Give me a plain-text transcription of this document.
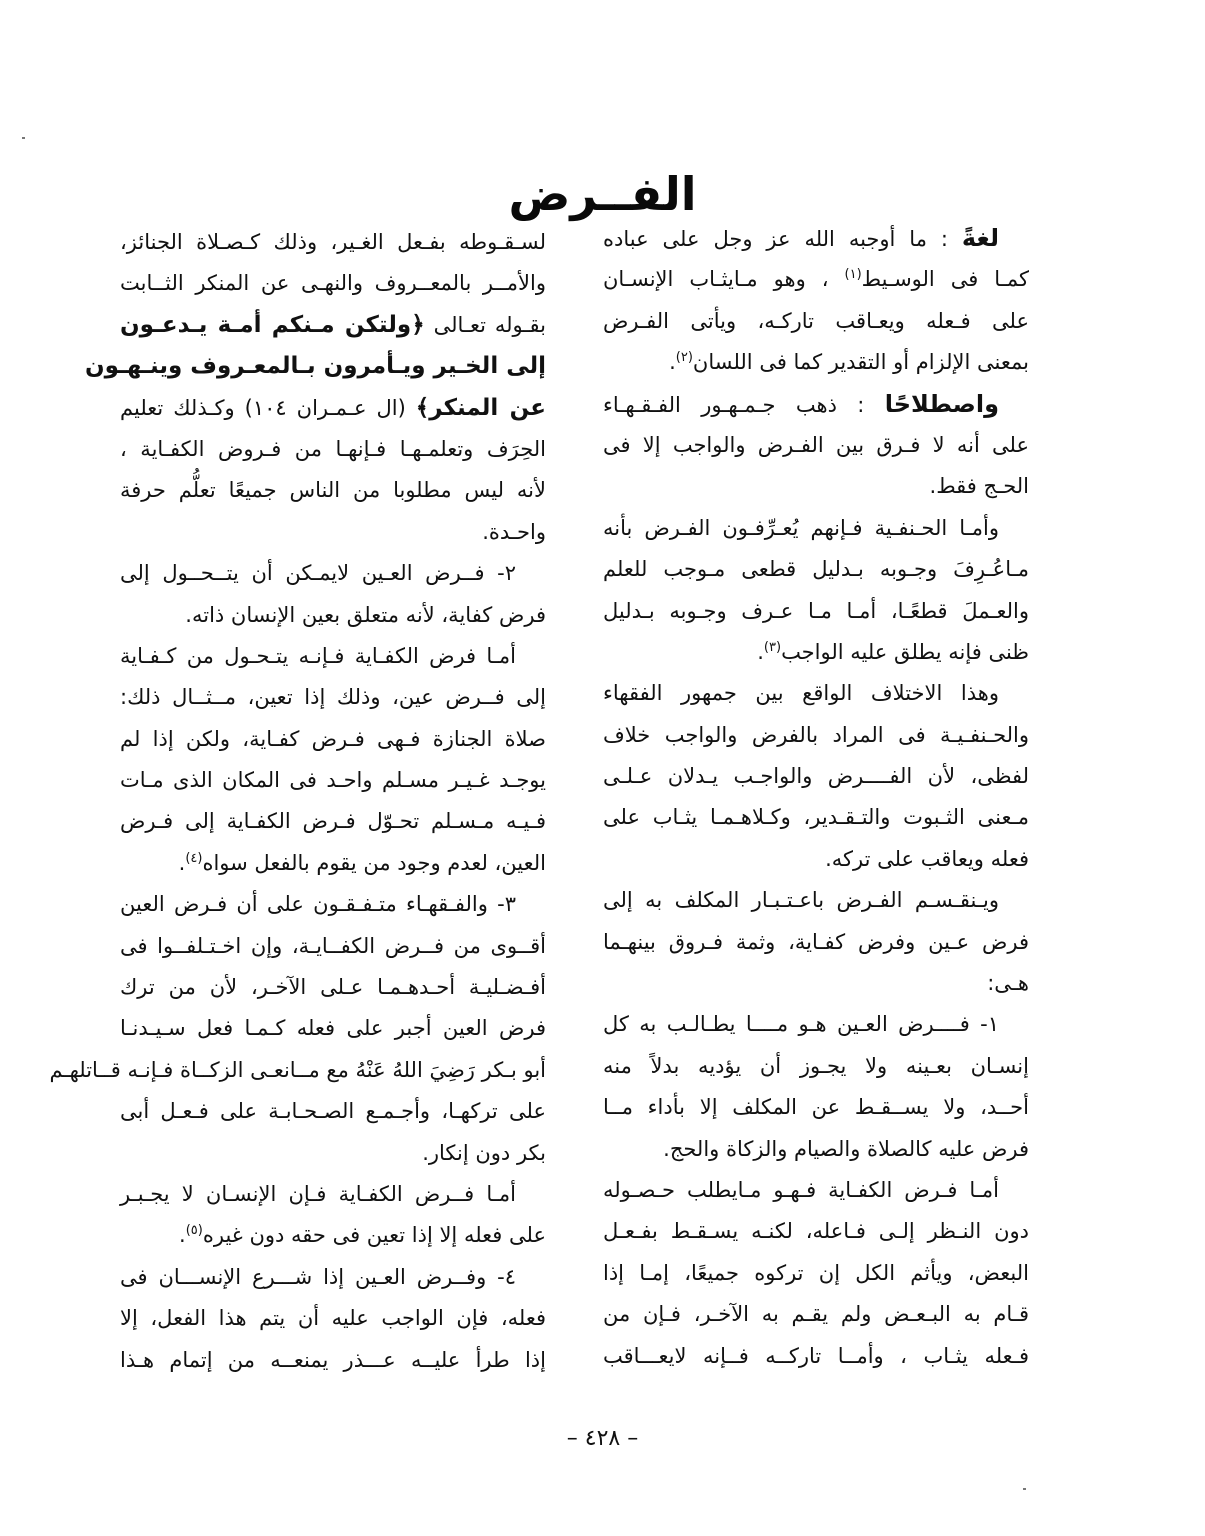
الفــرض
لغةً : ما أوجبه الله عز وجل على عباده
كمـا فى الوسـيط$^{(١)}$ ، وهو مـايثـاب الإنسـان
على فـعله ويعـاقب تاركـه، ويأتى الفـرض
بمعنى الإلزام أو التقدير كما فى اللسان$^{(٢)}$.
واصطلاحًا : ذهب جـمـهـور الفـقـهـاء
على أنه لا فـرق بين الفـرض والواجب إلا فى
الحـج فقط.
وأمـا الحـنفـية فـإنهم يُعـرِّفـون الفـرض بأنه
مـاعُـرِفَ وجـوبه بـدليل قطعى مـوجب للعلم
والعـملَ قطعًـا، أمـا مـا عـرف وجـوبه بـدليل
ظنى فإنه يطلق عليه الواجب$^{(٣)}$.
وهذا الاختلاف الواقع بين جمهور الفقهاء
والحـنفـيـة فى المراد بالفرض والواجب خلاف
لفظى، لأن الفــــرض والواجـب يـدلان عـلـى
مـعنى الثـبوت والتـقـدير، وكـلاهـمـا يثـاب على
فعله ويعاقب على تركه.
ويـنقـسـم الفـرض باعـتـبـار المكلف به إلى
فرض عـين وفرض كفـاية، وثمة فـروق بينهـما
هـى:
١- فــــرض العـين هـو مــــا يطـالـب به كل
إنسـان بعـينه ولا يجـوز أن يؤديه بدلاً منه
أحــد، ولا يســقـط عن المكلف إلا بأداء مــا
فرض عليه كالصلاة والصيام والزكاة والحج.
أمـا فـرض الكفـاية فـهـو مـايطلب حـصـوله
دون النـظر إلـى فـاعله، لكنـه يسـقـط بفـعـل
البعض، ويأثم الكل إن تركوه جميعًا، إمـا إذا
قـام به البـعـض ولم يقـم به الآخـر، فـإن من
فـعله يثـاب ، وأمــا تاركــه فــإنه لايعـــاقب
لسـقـوطه بفـعل الغـير، وذلك كـصـلاة الجنائز،
والأمــر بالمعــروف والنهـى عن المنكر الثــابت
بقـوله تعـالى ﴿ولتكن مـنكم أمـة يـدعـون
إلى الخـير ويـأمرون بـالمعـروف وينـهـون
عن المنكر﴾ (ال عـمـران ١٠٤) وكـذلك تعليم
الحِرَف وتعلمـهـا فـإنهـا من فـروض الكفـاية ،
لأنه ليس مطلوبا من الناس جميعًا تعلُّم حرفة
واحـدة.
٢- فــرض العـين لايمـكن أن يتــحــول إلى
فرض كفاية، لأنه متعلق بعين الإنسان ذاته.
أمـا فرض الكفـاية فـإنـه يتـحـول من كـفـاية
إلى فــرض عين، وذلك إذا تعين، مــثــال ذلك:
صلاة الجنازة فـهى فـرض كفـاية، ولكن إذا لم
يوجـد غـيـر مسـلم واحـد فى المكان الذى مـات
فـيـه مـسـلم تحـوّل فـرض الكفـاية إلى فـرض
العين، لعدم وجود من يقوم بالفعل سواه$^{(٤)}$.
٣- والفـقهـاء متـفـقـون على أن فـرض العين
أقــوى من فــرض الكفــايـة، وإن اخـتـلفــوا فى
أفـضـليـة أحـدهـمـا عـلى الآخـر، لأن من ترك
فرض العين أجبر على فعله كـمـا فعل سـيـدنـا
أبو بـكر رَضِيَ اللهُ عَنْهُ مع مــانعـى الزكــاة فـإنـه قــاتلهـم
على تركهـا، وأجـمـع الصـحـابـة على فـعـل أبى
بكر دون إنكار.
أمـا فــرض الكفـاية فـإن الإنسـان لا يجـبـر
على فعله إلا إذا تعين فى حقه دون غيره$^{(٥)}$.
٤- وفــرض العـين إذا شـــرع الإنســـان فى
فعله، فإن الواجب عليه أن يتم هذا الفعل، إلا
إذا طرأ عليــه عـــذر يمنعــه من إتمام هـذا
– ٤٢٨ –
